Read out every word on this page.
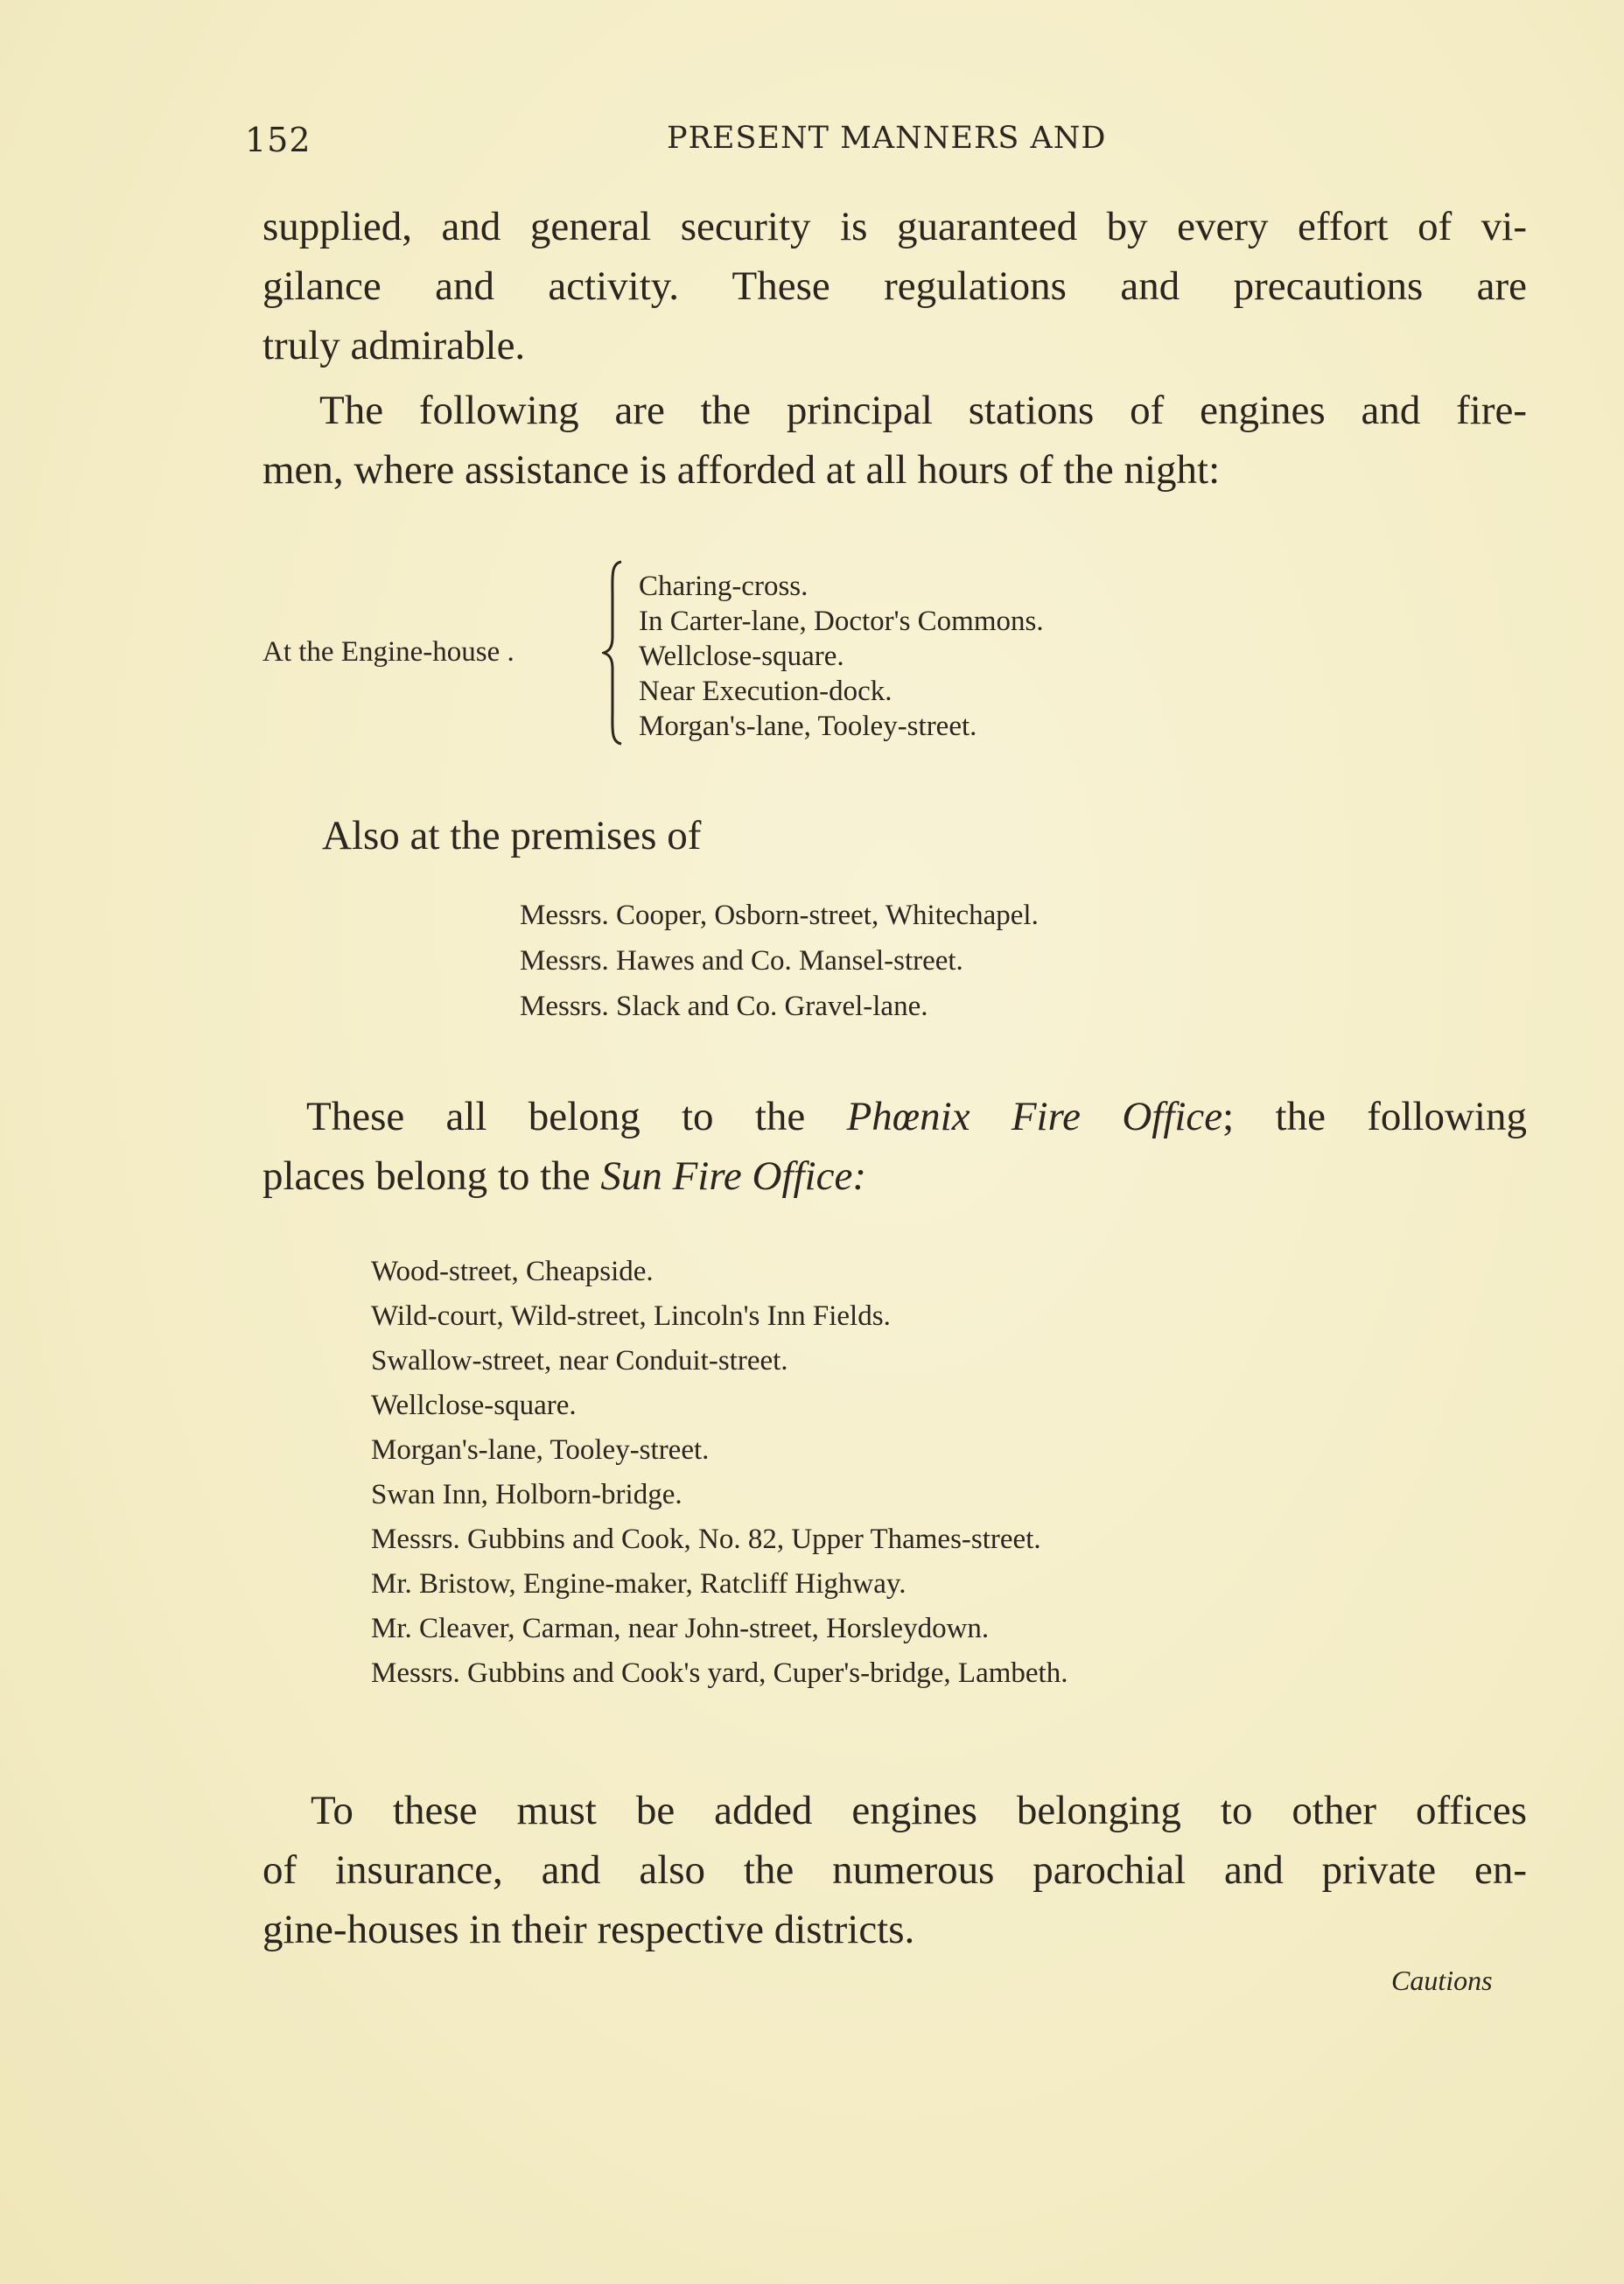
152	PRESENT MANNERS AND
supplied, and general security is guaranteed by every effort of vi-
gilance and activity. These regulations and precautions are
truly admirable.
The following are the principal stations of engines and fire-
men, where assistance is afforded at all hours of the night:
At the Engine-house .
Charing-cross.
In Carter-lane, Doctor's Commons.
Wellclose-square.
Near Execution-dock.
Morgan's-lane, Tooley-street.
Also at the premises of
Messrs. Cooper, Osborn-street, Whitechapel.
Messrs. Hawes and Co. Mansel-street.
Messrs. Slack and Co. Gravel-lane.
These all belong to the Phœnix Fire Office; the following
places belong to the Sun Fire Office:
Wood-street, Cheapside.
Wild-court, Wild-street, Lincoln's Inn Fields.
Swallow-street, near Conduit-street.
Wellclose-square.
Morgan's-lane, Tooley-street.
Swan Inn, Holborn-bridge.
Messrs. Gubbins and Cook, No. 82, Upper Thames-street.
Mr. Bristow, Engine-maker, Ratcliff Highway.
Mr. Cleaver, Carman, near John-street, Horsleydown.
Messrs. Gubbins and Cook's yard, Cuper's-bridge, Lambeth.
To these must be added engines belonging to other offices
of insurance, and also the numerous parochial and private en-
gine-houses in their respective districts.
Cautions
